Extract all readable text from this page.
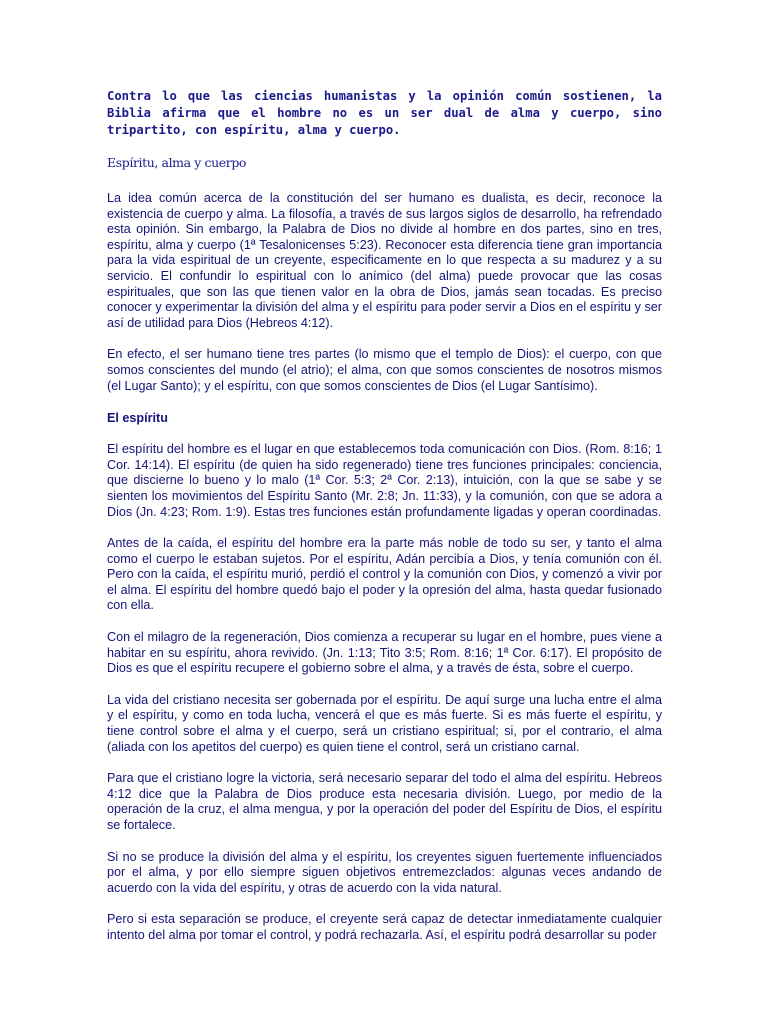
Contra lo que las ciencias humanistas y la opinión común sostienen, la Biblia afirma que el hombre no es un ser dual de alma y cuerpo, sino tripartito, con espíritu, alma y cuerpo.

Espíritu, alma y cuerpo

La idea común acerca de la constitución del ser humano es dualista, es decir, reconoce la existencia de cuerpo y alma. La filosofía, a través de sus largos siglos de desarrollo, ha refrendado esta opinión. Sin embargo, la Palabra de Dios no divide al hombre en dos partes, sino en tres, espíritu, alma y cuerpo (1ª Tesalonicenses 5:23). Reconocer esta diferencia tiene gran importancia para la vida espiritual de un creyente, especificamente en lo que respecta a su madurez y a su servicio. El confundir lo espiritual con lo anímico (del alma) puede provocar que las cosas espirituales, que son las que tienen valor en la obra de Dios, jamás sean tocadas. Es preciso conocer y experimentar la división del alma y el espíritu para poder servir a Dios en el espíritu y ser así de utilidad para Dios (Hebreos 4:12).

En efecto, el ser humano tiene tres partes (lo mismo que el templo de Dios): el cuerpo, con que somos conscientes del mundo (el atrio); el alma, con que somos conscientes de nosotros mismos (el Lugar Santo); y el espíritu, con que somos conscientes de Dios (el Lugar Santísimo).

El espíritu

El espíritu del hombre es el lugar en que establecemos toda comunicación con Dios. (Rom. 8:16; 1 Cor. 14:14). El espíritu (de quien ha sido regenerado) tiene tres funciones principales: conciencia, que discierne lo bueno y lo malo (1ª Cor. 5:3; 2ª Cor. 2:13), intuición, con la que se sabe y se sienten los movimientos del Espíritu Santo (Mr. 2:8; Jn. 11:33), y la comunión, con que se adora a Dios (Jn. 4:23; Rom. 1:9). Estas tres funciones están profundamente ligadas y operan coordinadas.

Antes de la caída, el espíritu del hombre era la parte más noble de todo su ser, y tanto el alma como el cuerpo le estaban sujetos. Por el espíritu, Adán percibía a Dios, y tenía comunión con él. Pero con la caída, el espíritu murió, perdió el control y la comunión con Dios, y comenzó a vivir por el alma. El espíritu del hombre quedó bajo el poder y la opresión del alma, hasta quedar fusionado con ella.

Con el milagro de la regeneración, Dios comienza a recuperar su lugar en el hombre, pues viene a habitar en su espíritu, ahora revivido. (Jn. 1:13; Tito 3:5; Rom. 8:16; 1ª Cor. 6:17). El propósito de Dios es que el espíritu recupere el gobierno sobre el alma, y a través de ésta, sobre el cuerpo.

La vida del cristiano necesita ser gobernada por el espíritu. De aquí surge una lucha entre el alma y el espíritu, y como en toda lucha, vencerá el que es más fuerte. Si es más fuerte el espíritu, y tiene control sobre el alma y el cuerpo, será un cristiano espiritual; si, por el contrario, el alma (aliada con los apetitos del cuerpo) es quien tiene el control, será un cristiano carnal.

Para que el cristiano logre la victoria, será necesario separar del todo el alma del espíritu. Hebreos 4:12 dice que la Palabra de Dios produce esta necesaria división. Luego, por medio de la operación de la cruz, el alma mengua, y por la operación del poder del Espíritu de Dios, el espíritu se fortalece.

Si no se produce la división del alma y el espíritu, los creyentes siguen fuertemente influenciados por el alma, y por ello siempre siguen objetivos entremezclados: algunas veces andando de acuerdo con la vida del espíritu, y otras de acuerdo con la vida natural.

Pero si esta separación se produce, el creyente será capaz de detectar inmediatamente cualquier intento del alma por tomar el control, y podrá rechazarla. Así, el espíritu podrá desarrollar su poder
